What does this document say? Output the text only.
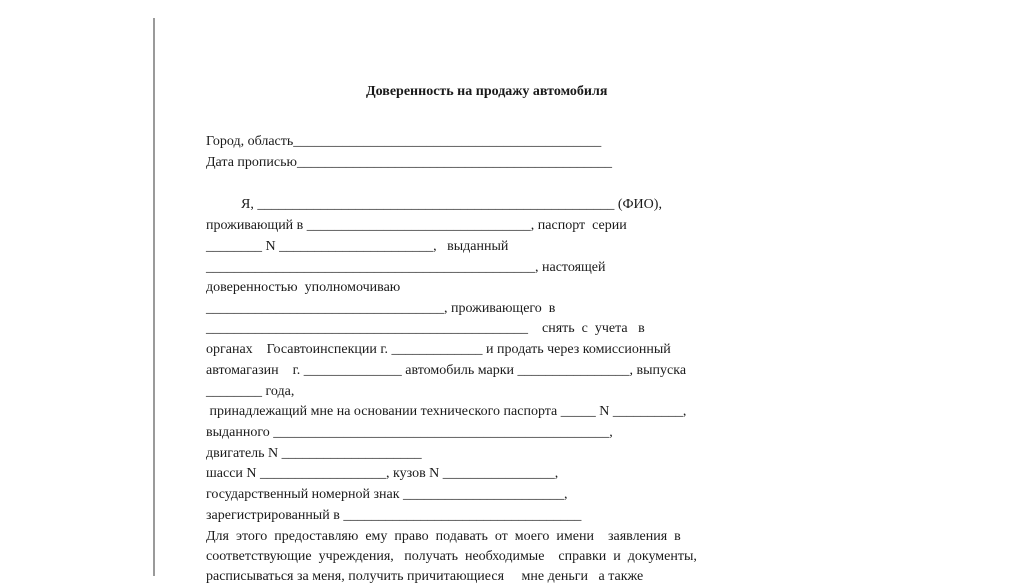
Доверенность на продажу автомобиля
Город, область____________________________________________
Дата прописью_____________________________________________
Я, ___________________________________________________ (ФИО),
проживающий в ________________________________, паспорт  серии
________ N ______________________,   выданный
_______________________________________________, настоящей
доверенностью  уполномочиваю
__________________________________, проживающего  в
______________________________________________    снять  с  учета   в
органах    Госавтоинспекции г. _____________ и продать через комиссионный
автомагазин    г. ______________ автомобиль марки ________________, выпуска
________ года,
принадлежащий мне на основании технического паспорта _____ N __________,
выданного ________________________________________________,
двигатель N ____________________
шасси N __________________, кузов N ________________,
государственный номерной знак _______________________,
зарегистрированный в __________________________________
Для  этого  предоставляю  ему  право  подавать  от  моего  имени    заявления  в
соответствующие  учреждения,   получать  необходимые    справки  и  документы,
расписываться за меня, получить причитающиеся     мне деньги   а также
